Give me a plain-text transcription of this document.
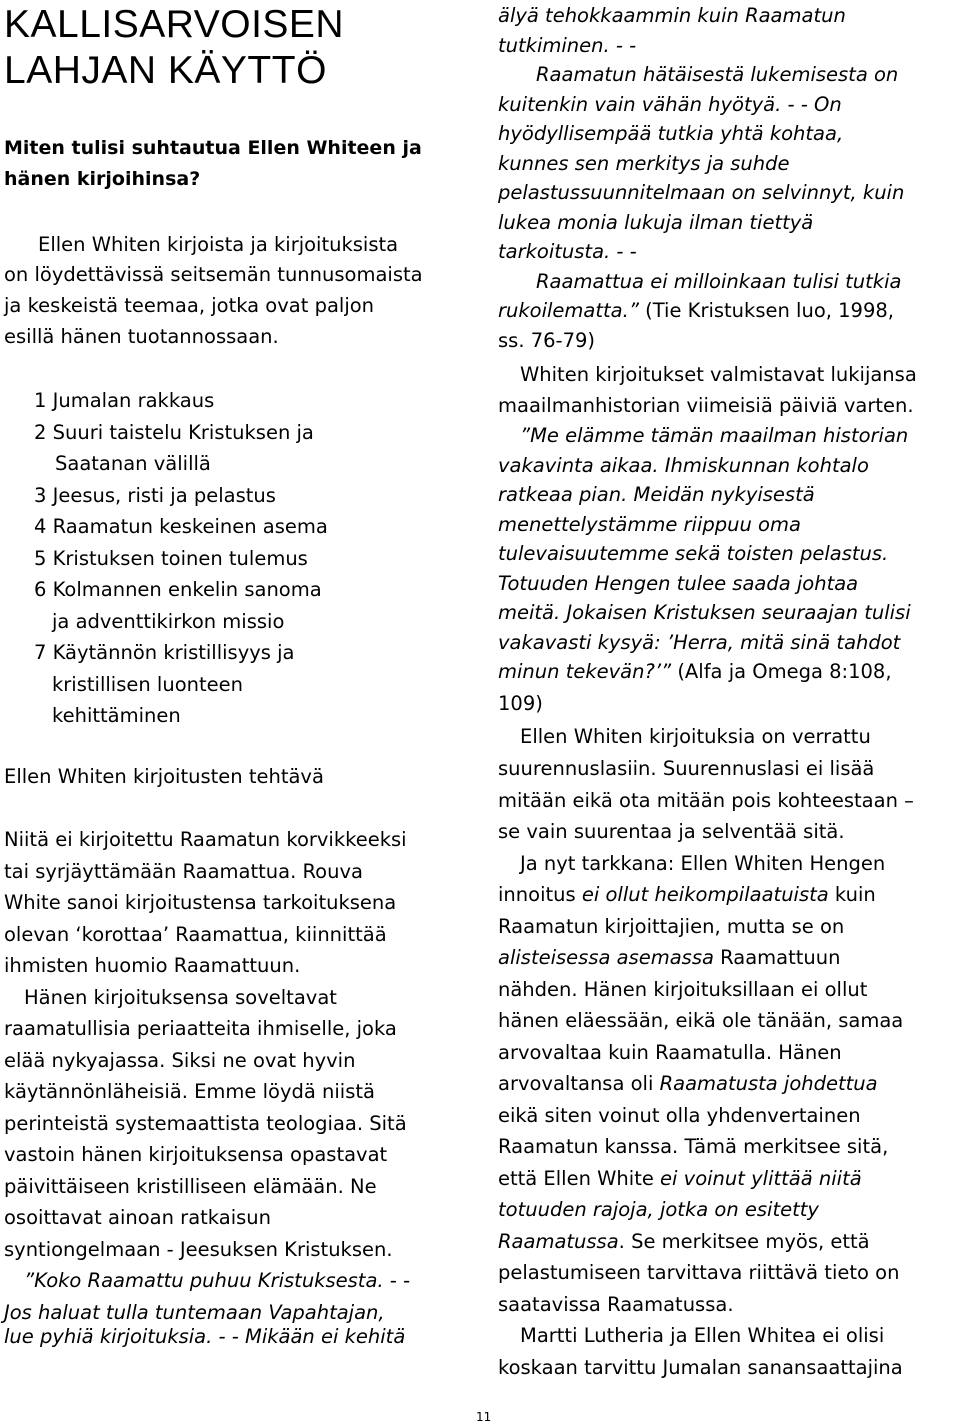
KALLISARVOISEN
LAHJAN KÄYTTÖ
Miten tulisi suhtautua Ellen Whiteen ja hänen kirjoihinsa?
Ellen Whiten kirjoista ja kirjoituksista
on löydettävissä seitsemän tunnusomaista
ja keskeistä teemaa, jotka ovat paljon
esillä hänen tuotannossaan.
1 Jumalan rakkaus
2 Suuri taistelu Kristuksen ja
Saatanan välillä
3 Jeesus, risti ja pelastus
4 Raamatun keskeinen asema
5 Kristuksen toinen tulemus
6 Kolmannen enkelin sanoma
ja adventtikirkon missio
7 Käytännön kristillisyys ja
kristillisen luonteen
kehittäminen
Ellen Whiten kirjoitusten tehtävä
Niitä ei kirjoitettu Raamatun korvikkeeksi
tai syrjäyttämään Raamattua. Rouva
White sanoi kirjoitustensa tarkoituksena
olevan ‘korottaa’ Raamattua, kiinnittää
ihmisten huomio Raamattuun.
Hänen kirjoituksensa soveltavat
raamatullisia periaatteita ihmiselle, joka
elää nykyajassa. Siksi ne ovat hyvin
käytännönläheisiä. Emme löydä niistä
perinteistä systemaattista teologiaa. Sitä
vastoin hänen kirjoituksensa opastavat
päivittäiseen kristilliseen elämään. Ne
osoittavat ainoan ratkaisun
syntiongelmaan - Jeesuksen Kristuksen.
”Koko Raamattu puhuu Kristuksesta. - -
Jos haluat tulla tuntemaan Vapahtajan,
lue pyhiä kirjoituksia. - - Mikään ei kehitä
älyä tehokkaammin kuin Raamatun
tutkiminen. - -
Raamatun hätäisestä lukemisesta on
kuitenkin vain vähän hyötyä. - - On
hyödyllisempää tutkia yhtä kohtaa,
kunnes sen merkitys ja suhde
pelastussuunnitelmaan on selvinnyt, kuin
lukea monia lukuja ilman tiettyä
tarkoitusta. - -
Raamattua ei milloinkaan tulisi tutkia
rukoilematta.” (Tie Kristuksen luo, 1998,
ss. 76-79)
Whiten kirjoitukset valmistavat lukijansa
maailmanhistorian viimeisiä päiviä varten.
”Me elämme tämän maailman historian
vakavinta aikaa. Ihmiskunnan kohtalo
ratkeaa pian. Meidän nykyisestä
menettelystämme riippuu oma
tulevaisuutemme sekä toisten pelastus.
Totuuden Hengen tulee saada johtaa
meitä. Jokaisen Kristuksen seuraajan tulisi
vakavasti kysyä: ’Herra, mitä sinä tahdot
minun tekevän?’” (Alfa ja Omega 8:108,
109)
Ellen Whiten kirjoituksia on verrattu
suurennuslasiin. Suurennuslasi ei lisää
mitään eikä ota mitään pois kohteestaan –
se vain suurentaa ja selventää sitä.
Ja nyt tarkkana: Ellen Whiten Hengen
innoitus ei ollut heikompilaatuista kuin
Raamatun kirjoittajien, mutta se on
alisteisessa asemassa Raamattuun
nähden. Hänen kirjoituksillaan ei ollut
hänen eläessään, eikä ole tänään, samaa
arvovaltaa kuin Raamatulla. Hänen
arvovaltansa oli Raamatusta johdettua
eikä siten voinut olla yhdenvertainen
Raamatun kanssa. Tämä merkitsee sitä,
että Ellen White ei voinut ylittää niitä
totuuden rajoja, jotka on esitetty
Raamatussa. Se merkitsee myös, että
pelastumiseen tarvittava riittävä tieto on
saatavissa Raamatussa.
Martti Lutheria ja Ellen Whitea ei olisi
koskaan tarvittu Jumalan sanansaattajina
11
